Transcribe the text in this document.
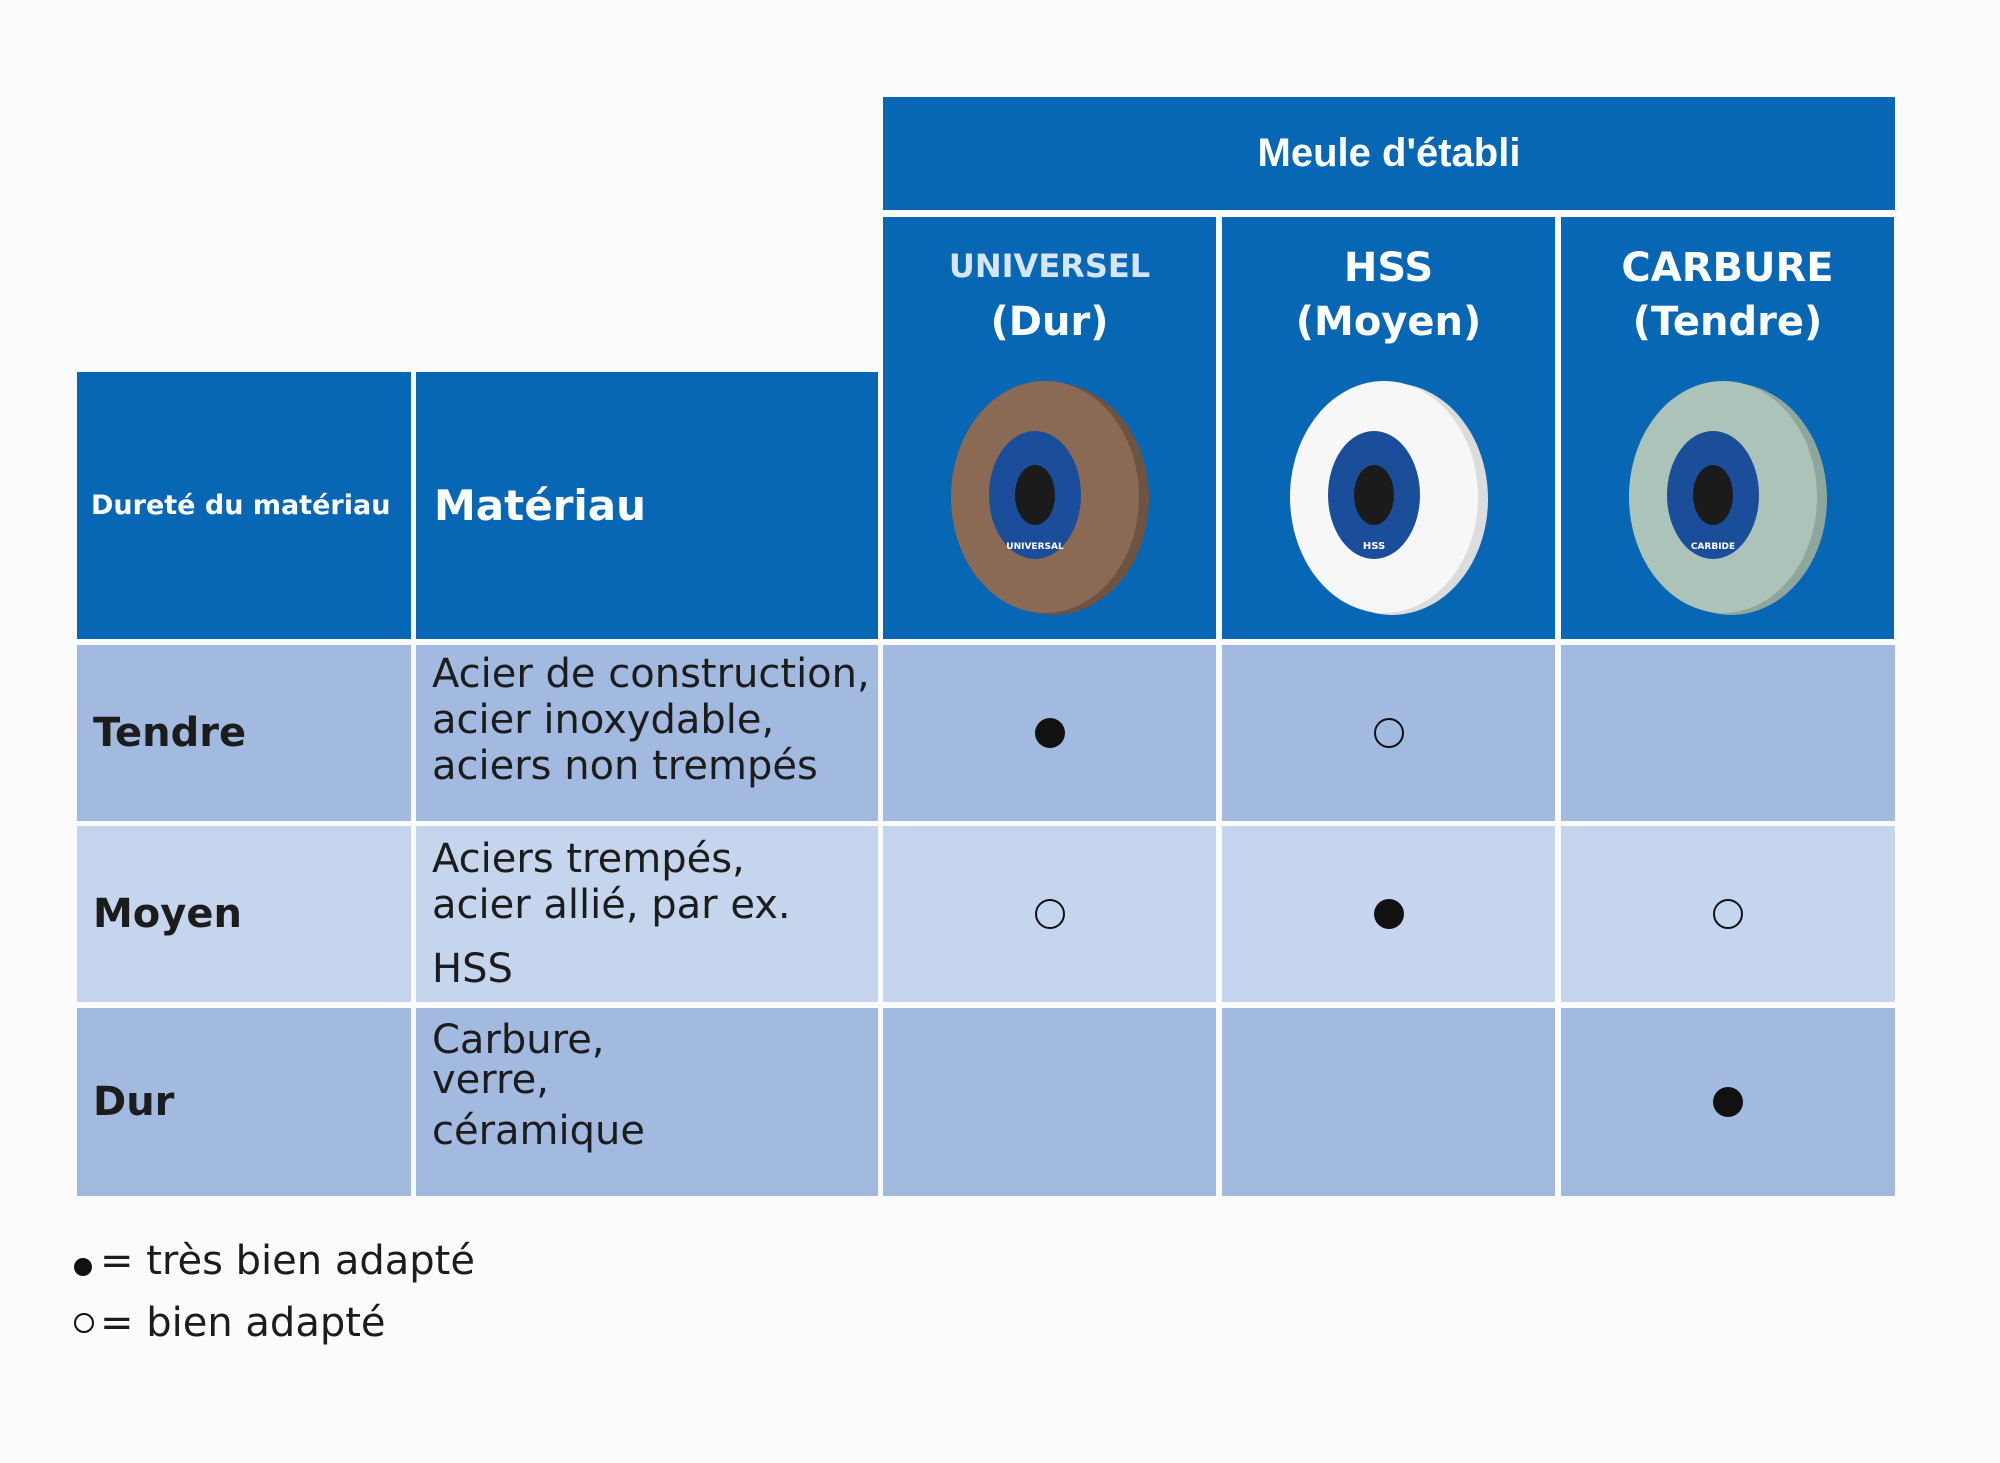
Meule d'établi
UNIVERSEL
(Dur)
UNIVERSAL
HSS
(Moyen)
HSS
CARBURE
(Tendre)
CARBIDE
Dureté du matériau	Matériau
Tendre
Acier de construction,
acier inoxydable,
aciers non trempés
Moyen
Aciers trempés,
acier allié, par ex.
HSS
Dur
Carbure,
verre,
céramique
= très bien adapté
= bien adapté
